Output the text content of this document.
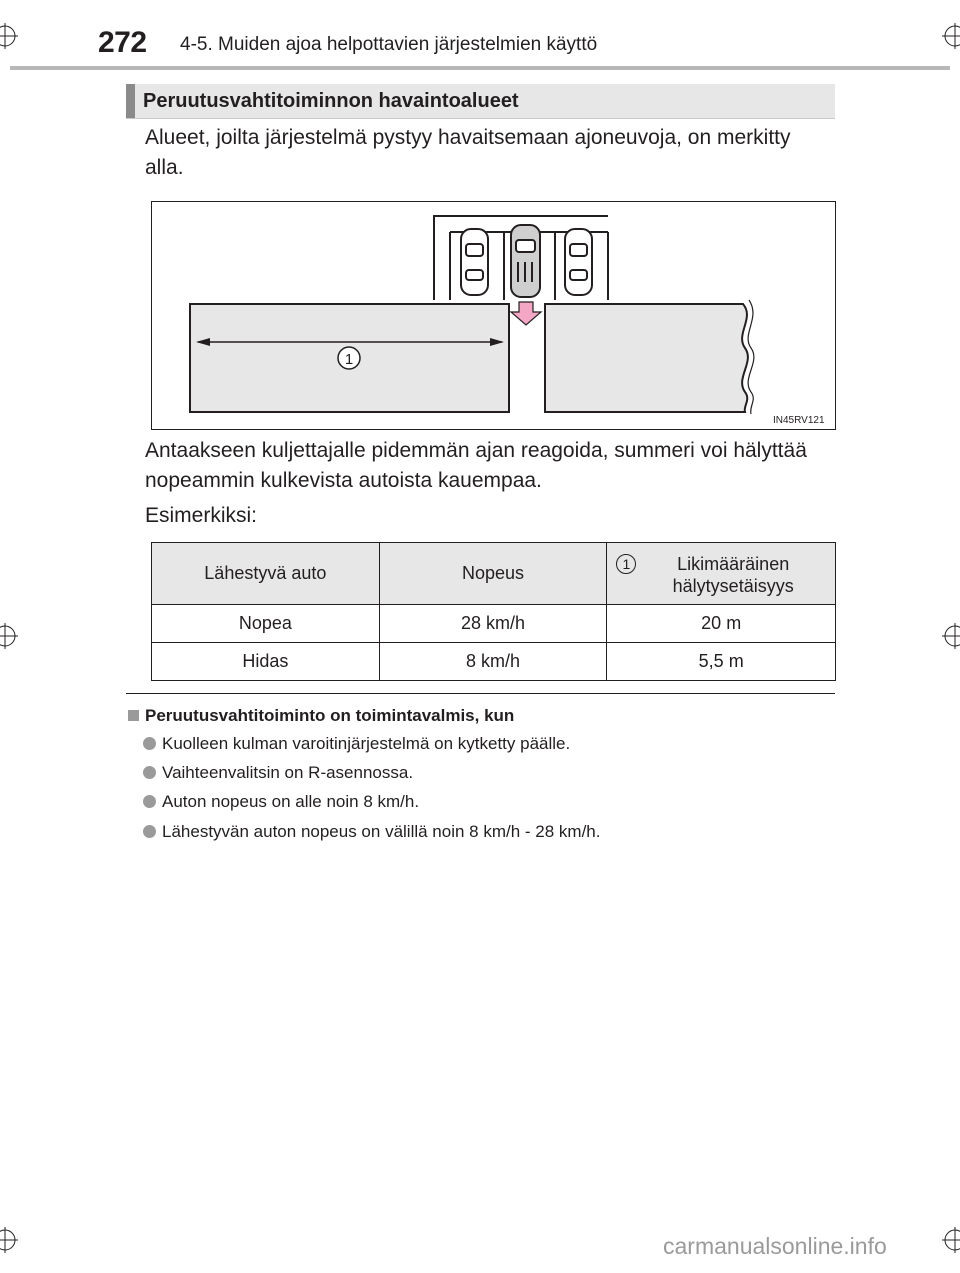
272 4-5. Muiden ajoa helpottavien järjestelmien käyttö
Peruutusvahtitoiminnon havaintoalueet
Alueet, joilta järjestelmä pystyy havaitsemaan ajoneuvoja, on merkitty
alla.
1
IN45RV121
Antaakseen kuljettajalle pidemmän ajan reagoida, summeri voi hälyttää
nopeammin kulkevista autoista kauempaa.
Esimerkiksi:
Lähestyvä auto	Nopeus	1 Likimääräinen
hälytysetäisyys

Nopea	28 km/h	20 m
Hidas	8 km/h	5,5 m
Peruutusvahtitoiminto on toimintavalmis, kun
Kuolleen kulman varoitinjärjestelmä on kytketty päälle.
Vaihteenvalitsin on R-asennossa.
Auton nopeus on alle noin 8 km/h.
Lähestyvän auton nopeus on välillä noin 8 km/h - 28 km/h.
carmanualsonline.info
